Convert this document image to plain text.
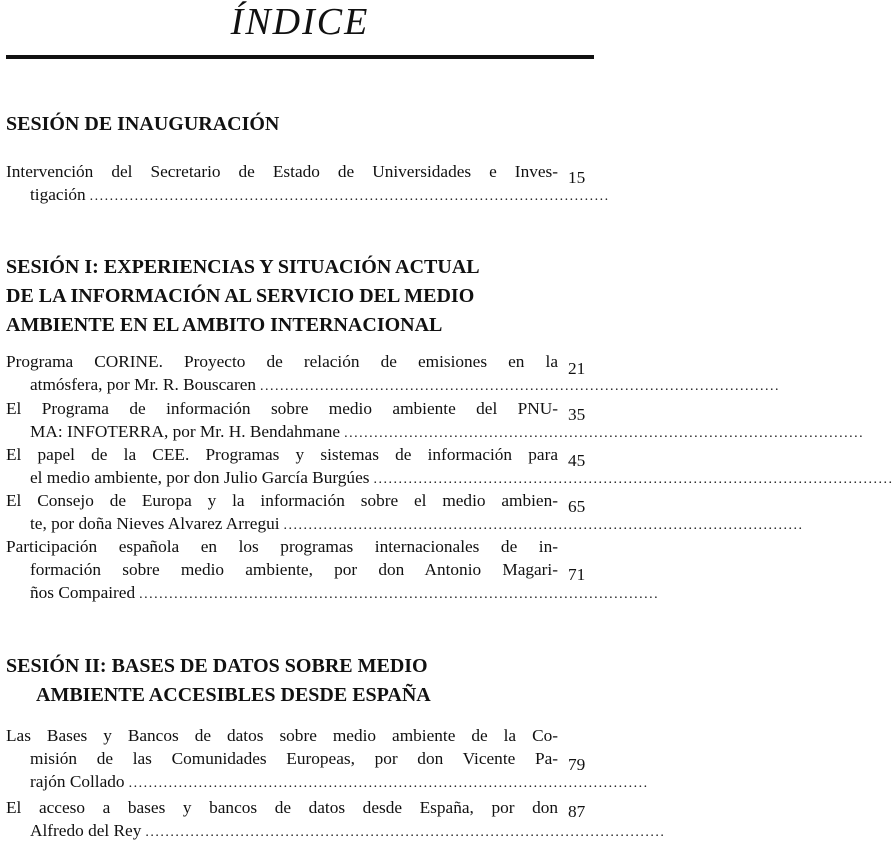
ÍNDICE
SESIÓN DE INAUGURACIÓN
Intervención del Secretario de Estado de Universidades e Inves-
tigación ........................................................................................................
15
SESIÓN I: EXPERIENCIAS Y SITUACIÓN ACTUAL
DE LA INFORMACIÓN AL SERVICIO DEL MEDIO
AMBIENTE EN EL AMBITO INTERNACIONAL
Programa CORINE. Proyecto de relación de emisiones en la
atmósfera, por Mr. R. Bouscaren ........................................................................................................
21
El Programa de información sobre medio ambiente del PNU-
MA: INFOTERRA, por Mr. H. Bendahmane ........................................................................................................
35
El papel de la CEE. Programas y sistemas de información para
el medio ambiente, por don Julio García Burgúes ........................................................................................................
45
El Consejo de Europa y la información sobre el medio ambien-
te, por doña Nieves Alvarez Arregui ........................................................................................................
65
Participación española en los programas internacionales de in-
formación sobre medio ambiente, por don Antonio Magari-
ños Compaired ........................................................................................................
71
SESIÓN II: BASES DE DATOS SOBRE MEDIO
AMBIENTE ACCESIBLES DESDE ESPAÑA
Las Bases y Bancos de datos sobre medio ambiente de la Co-
misión de las Comunidades Europeas, por don Vicente Pa-
rajón Collado ........................................................................................................
79
El acceso a bases y bancos de datos desde España, por don
Alfredo del Rey ........................................................................................................
87
